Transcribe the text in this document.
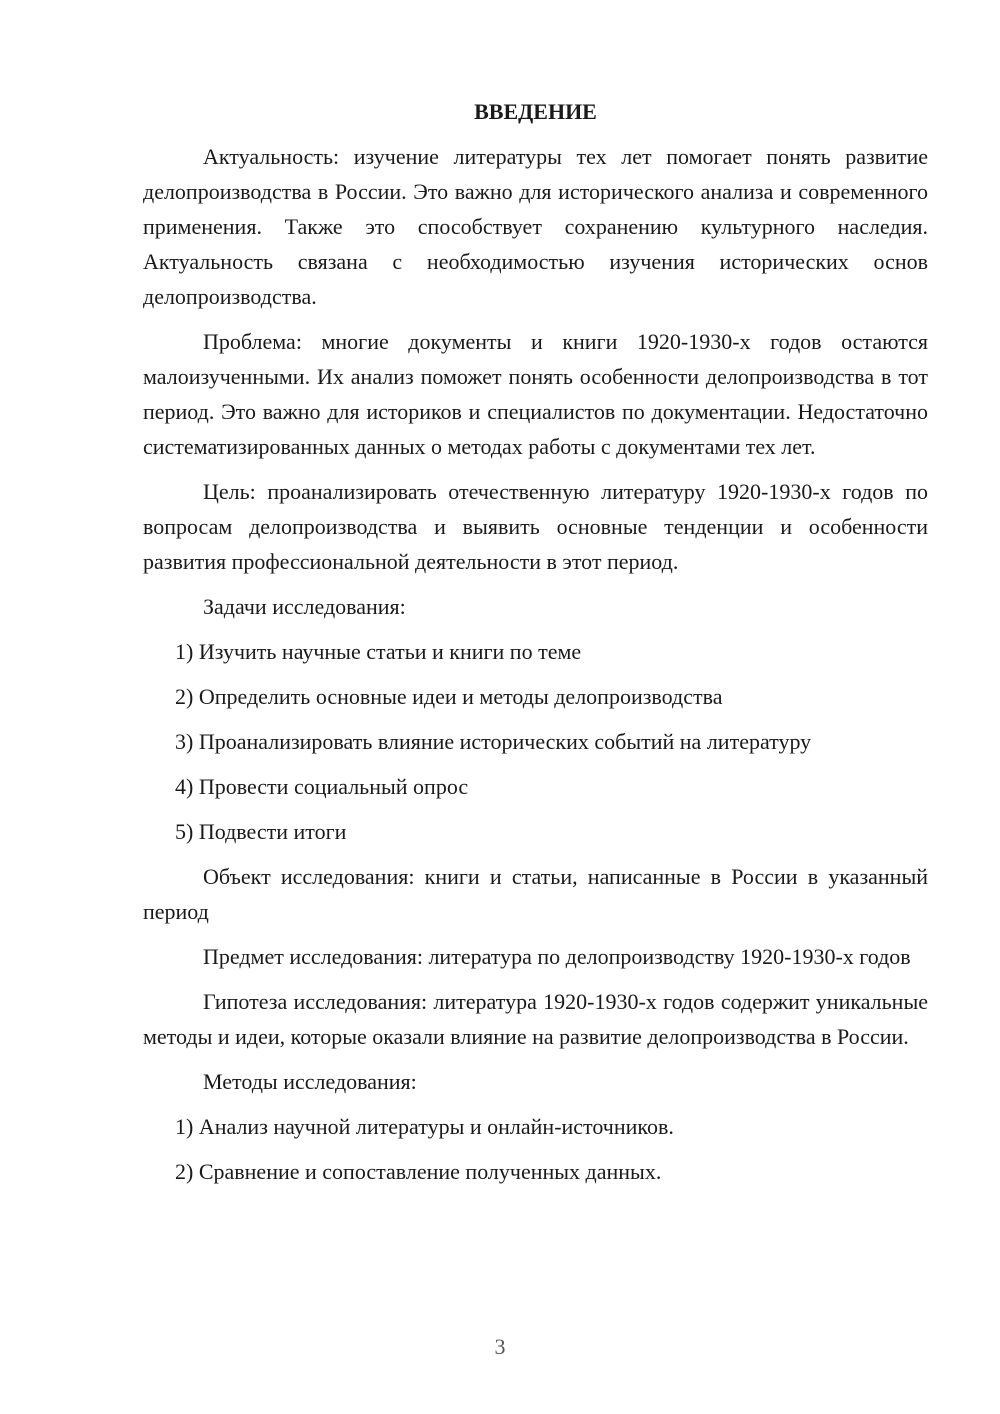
ВВЕДЕНИЕ

Актуальность: изучение литературы тех лет помогает понять развитие делопроизводства в России. Это важно для исторического анализа и современного применения. Также это способствует сохранению культурного наследия. Актуальность связана с необходимостью изучения исторических основ делопроизводства.

Проблема: многие документы и книги 1920-1930-х годов остаются малоизученными. Их анализ поможет понять особенности делопроизводства в тот период. Это важно для историков и специалистов по документации. Недостаточно систематизированных данных о методах работы с документами тех лет.

Цель: проанализировать отечественную литературу 1920-1930-х годов по вопросам делопроизводства и выявить основные тенденции и особенности развития профессиональной деятельности в этот период.

Задачи исследования:

1) Изучить научные статьи и книги по теме

2) Определить основные идеи и методы делопроизводства

3) Проанализировать влияние исторических событий на литературу

4) Провести социальный опрос

5) Подвести итоги

Объект исследования: книги и статьи, написанные в России в указанный период

Предмет исследования: литература по делопроизводству 1920-1930-х годов

Гипотеза исследования: литература 1920-1930-х годов содержит уникальные методы и идеи, которые оказали влияние на развитие делопроизводства в России.

Методы исследования:

1) Анализ научной литературы и онлайн-источников.

2) Сравнение и сопоставление полученных данных.

3
